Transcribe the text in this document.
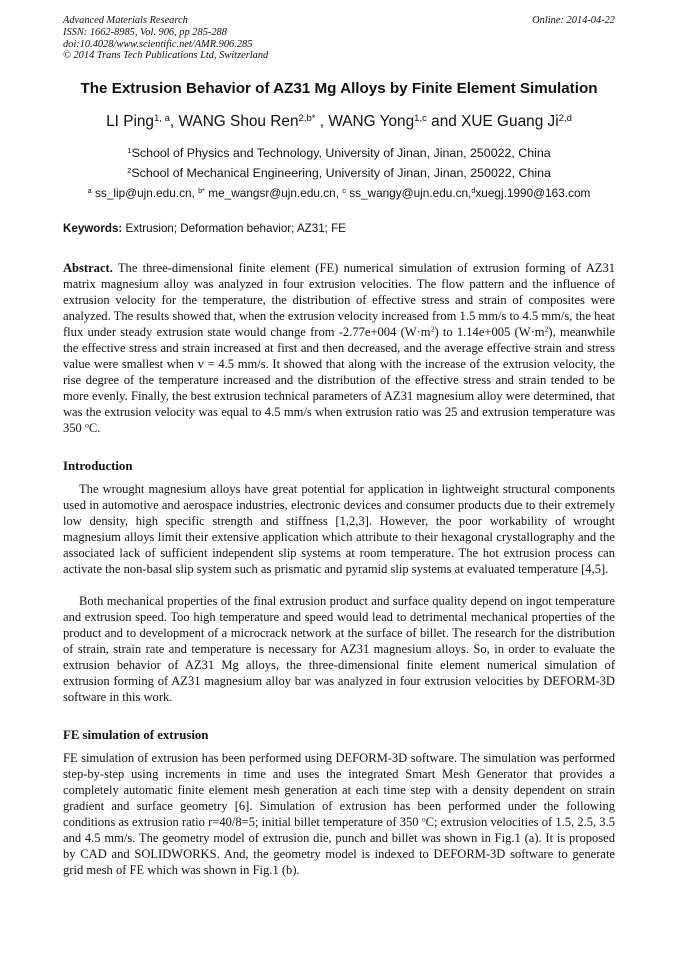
Advanced Materials Research
ISSN: 1662-8985, Vol. 906, pp 285-288
doi:10.4028/www.scientific.net/AMR.906.285
© 2014 Trans Tech Publications Ltd, Switzerland
Online: 2014-04-22
The Extrusion Behavior of AZ31 Mg Alloys by Finite Element Simulation
LI Ping$^{1, a}$, WANG Shou Ren$^{2,b*}$ , WANG Yong$^{1,c}$ and XUE Guang Ji$^{2,d}$
$^1$School of Physics and Technology, University of Jinan, Jinan, 250022, China
$^2$School of Mechanical Engineering, University of Jinan, Jinan, 250022, China
$^a$ ss_lip@ujn.edu.cn, $^{b*}$ me_wangsr@ujn.edu.cn, $^c$ ss_wangy@ujn.edu.cn,$^d$xuegj.1990@163.com
Keywords: Extrusion; Deformation behavior; AZ31; FE

Abstract. The three-dimensional finite element (FE) numerical simulation of extrusion forming of AZ31 matrix magnesium alloy was analyzed in four extrusion velocities. The flow pattern and the influence of extrusion velocity for the temperature, the distribution of effective stress and strain of composites were analyzed. The results showed that, when the extrusion velocity increased from 1.5 mm/s to 4.5 mm/s, the heat flux under steady extrusion state would change from -2.77e+004 $(W\cdot m^2)$ to 1.14e+005 $(W\cdot m^2)$, meanwhile the effective stress and strain increased at first and then decreased, and the average effective strain and stress value were smallest when v = 4.5 mm/s. It showed that along with the increase of the extrusion velocity, the rise degree of the temperature increased and the distribution of the effective stress and strain tended to be more evenly. Finally, the best extrusion technical parameters of AZ31 magnesium alloy were determined, that was the extrusion velocity was equal to 4.5 mm/s when extrusion ratio was 25 and extrusion temperature was 350 $^o$C.

Introduction

The wrought magnesium alloys have great potential for application in lightweight structural components used in automotive and aerospace industries, electronic devices and consumer products due to their extremely low density, high specific strength and stiffness [1,2,3]. However, the poor workability of wrought magnesium alloys limit their extensive application which attribute to their hexagonal crystallography and the associated lack of sufficient independent slip systems at room temperature. The hot extrusion process can activate the non-basal slip system such as prismatic and pyramid slip systems at evaluated temperature [4,5].

Both mechanical properties of the final extrusion product and surface quality depend on ingot temperature and extrusion speed. Too high temperature and speed would lead to detrimental mechanical properties of the product and to development of a microcrack network at the surface of billet. The research for the distribution of strain, strain rate and temperature is necessary for AZ31 magnesium alloys. So, in order to evaluate the extrusion behavior of AZ31 Mg alloys, the three-dimensional finite element numerical simulation of extrusion forming of AZ31 magnesium alloy bar was analyzed in four extrusion velocities by DEFORM-3D software in this work.

FE simulation of extrusion

FE simulation of extrusion has been performed using DEFORM-3D software. The simulation was performed step-by-step using increments in time and uses the integrated Smart Mesh Generator that provides a completely automatic finite element mesh generation at each time step with a density dependent on strain gradient and surface geometry [6]. Simulation of extrusion has been performed under the following conditions as extrusion ratio r=40/8=5; initial billet temperature of 350 $^o$C; extrusion velocities of 1.5, 2.5, 3.5 and 4.5 mm/s. The geometry model of extrusion die, punch and billet was shown in Fig.1 (a). It is proposed by CAD and SOLIDWORKS. And, the geometry model is indexed to DEFORM-3D software to generate grid mesh of FE which was shown in Fig.1 (b).
